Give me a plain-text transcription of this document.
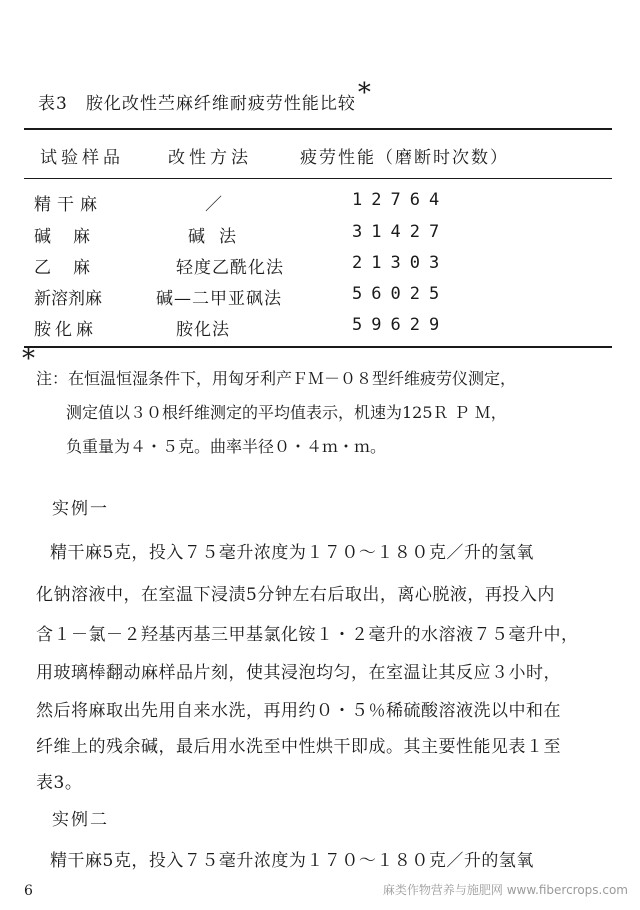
表3 胺化改性苎麻纤维耐疲劳性能比较*
试验样品	改性方法	疲劳性能（磨断时次数）
精干麻	／	12764
碱麻	碱法	31427
乙麻	轻度乙酰化法	21303
新溶剂麻	碱—二甲亚砜法	56025
胺化麻	胺化法	59629
*
注：在恒温恒湿条件下，用匈牙利产ＦＭ－０８型纤维疲劳仪测定，
测定值以３０根纤维测定的平均值表示，机速为125Ｒ Ｐ Ｍ，
负重量为４・５克。曲率半径０・４ｍ・ｍ。
实例一
精干麻5克，投入７５毫升浓度为１７０～１８０克／升的氢氧
化钠溶液中，在室温下浸渍5分钟左右后取出，离心脱液，再投入内
含１－氯－２羟基丙基三甲基氯化铵１・２毫升的水溶液７５毫升中，
用玻璃棒翻动麻样品片刻，使其浸泡均匀，在室温让其反应３小时，
然后将麻取出先用自来水洗，再用约０・５％稀硫酸溶液洗以中和在
纤维上的残余碱，最后用水洗至中性烘干即成。其主要性能见表１至
表3。
实例二
精干麻5克，投入７５毫升浓度为１７０～１８０克／升的氢氧
6	麻类作物营养与施肥网 www.fibercrops.com
